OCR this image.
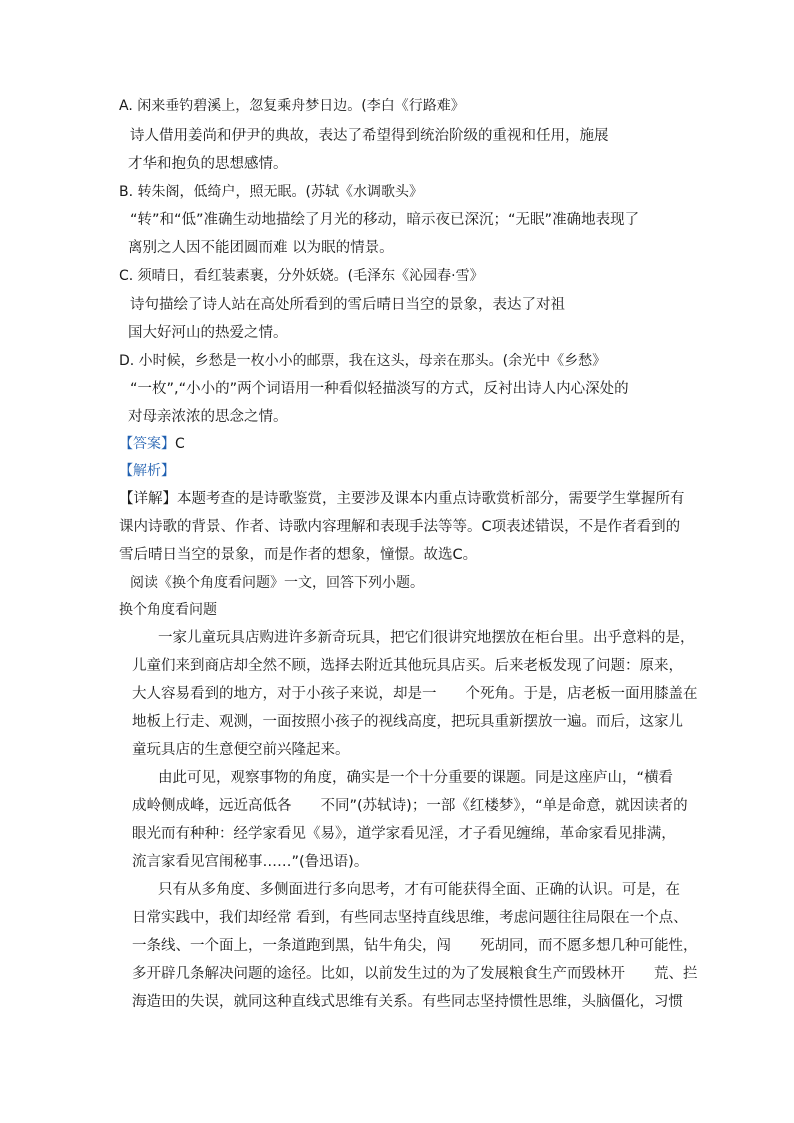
A. 闲来垂钓碧溪上，忽复乘舟梦日边。(李白《行路难》
诗人借用姜尚和伊尹的典故，表达了希望得到统治阶级的重视和任用，施展
才华和抱负的思想感情。
B. 转朱阁，低绮户，照无眠。(苏轼《水调歌头》
“转”和“低”准确生动地描绘了月光的移动，暗示夜已深沉；“无眠”准确地表现了
离别之人因不能团圆而难 以为眠的情景。
C. 须晴日，看红装素裹，分外妖娆。(毛泽东《沁园春·雪》
诗句描绘了诗人站在高处所看到的雪后晴日当空的景象，表达了对祖
国大好河山的热爱之情。
D. 小时候，乡愁是一枚小小的邮票，我在这头，母亲在那头。(余光中《乡愁》
“一枚”,“小小的”两个词语用一种看似轻描淡写的方式，反衬出诗人内心深处的
对母亲浓浓的思念之情。
【答案】C
【解析】
【详解】本题考查的是诗歌鉴赏，主要涉及课本内重点诗歌赏析部分，需要学生掌握所有
课内诗歌的背景、作者、诗歌内容理解和表现手法等等。C项表述错误，不是作者看到的
雪后晴日当空的景象，而是作者的想象，憧憬。故选C。
阅读《换个角度看问题》一文，回答下列小题。
换个角度看问题
一家儿童玩具店购进许多新奇玩具，把它们很讲究地摆放在柜台里。出乎意料的是，
儿童们来到商店却全然不顾，选择去附近其他玩具店买。后来老板发现了问题：原来，
大人容易看到的地方，对于小孩子来说，却是一　　个死角。于是，店老板一面用膝盖在
地板上行走、观测，一面按照小孩子的视线高度，把玩具重新摆放一遍。而后，这家儿
童玩具店的生意便空前兴隆起来。
由此可见，观察事物的角度，确实是一个十分重要的课题。同是这座庐山，“横看
成岭侧成峰，远近高低各　　不同”(苏轼诗)；一部《红楼梦》，“单是命意，就因读者的
眼光而有种种：经学家看见《易》，道学家看见淫，才子看见缠绵，革命家看见排满，
流言家看见宫闱秘事……”(鲁迅语)。
只有从多角度、多侧面进行多向思考，才有可能获得全面、正确的认识。可是，在
日常实践中，我们却经常 看到，有些同志坚持直线思维，考虑问题往往局限在一个点、
一条线、一个面上，一条道跑到黑，钻牛角尖，闯　　死胡同，而不愿多想几种可能性，
多开辟几条解决问题的途径。比如，以前发生过的为了发展粮食生产而毁林开　　荒、拦
海造田的失误，就同这种直线式思维有关系。有些同志坚持惯性思维，头脑僵化，习惯
